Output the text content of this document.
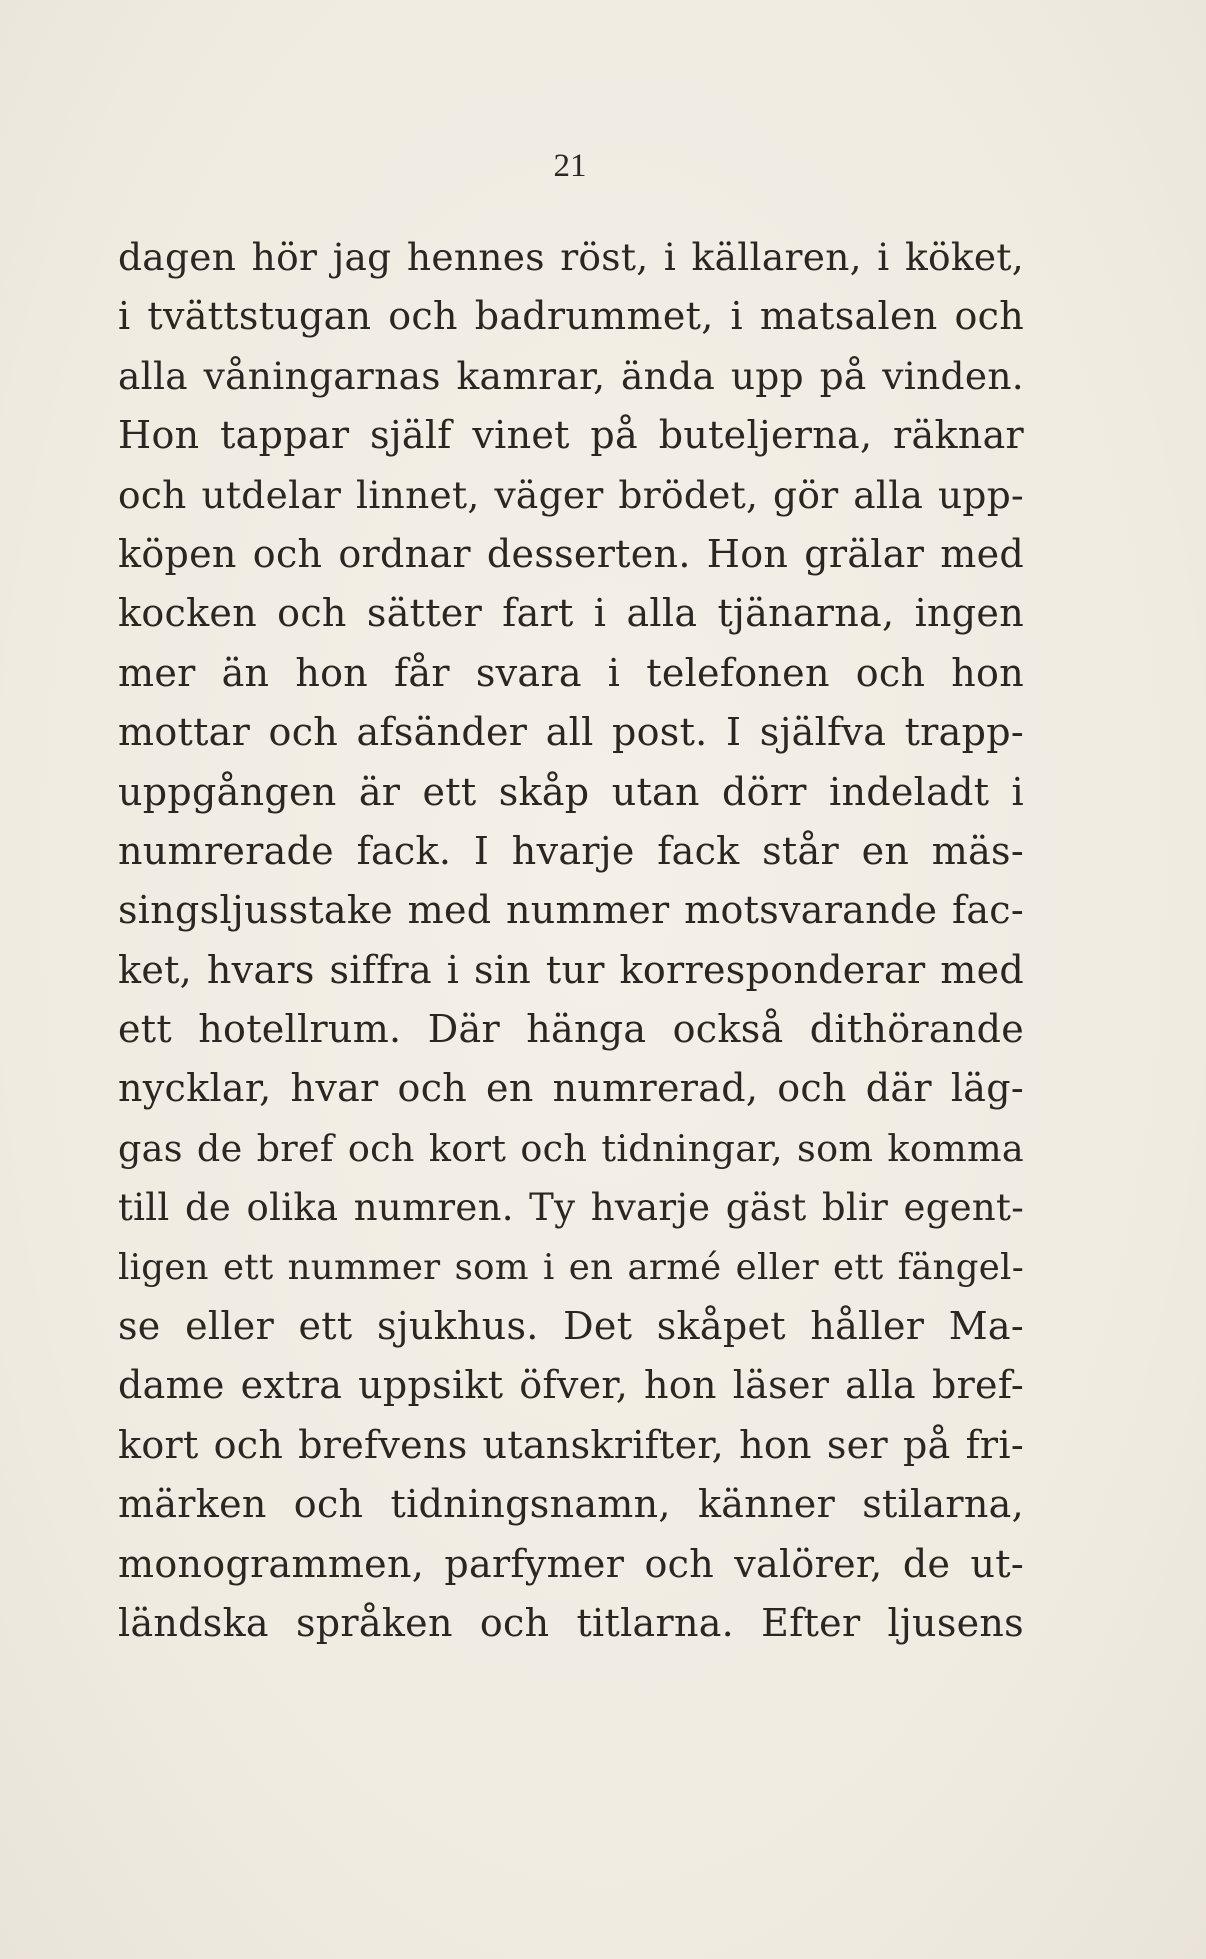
21
dagen hör jag hennes röst, i källaren, i köket,
i tvättstugan och badrummet, i matsalen och
alla våningarnas kamrar, ända upp på vinden.
Hon tappar själf vinet på buteljerna, räknar
och utdelar linnet, väger brödet, gör alla upp-
köpen och ordnar desserten. Hon grälar med
kocken och sätter fart i alla tjänarna, ingen
mer än hon får svara i telefonen och hon
mottar och afsänder all post. I själfva trapp-
uppgången är ett skåp utan dörr indeladt i
numrerade fack. I hvarje fack står en mäs-
singsljusstake med nummer motsvarande fac-
ket, hvars siffra i sin tur korresponderar med
ett hotellrum. Där hänga också dithörande
nycklar, hvar och en numrerad, och där läg-
gas de bref och kort och tidningar, som komma
till de olika numren. Ty hvarje gäst blir egent-
ligen ett nummer som i en armé eller ett fängel-
se eller ett sjukhus. Det skåpet håller Ma-
dame extra uppsikt öfver, hon läser alla bref-
kort och brefvens utanskrifter, hon ser på fri-
märken och tidningsnamn, känner stilarna,
monogrammen, parfymer och valörer, de ut-
ländska språken och titlarna. Efter ljusens
